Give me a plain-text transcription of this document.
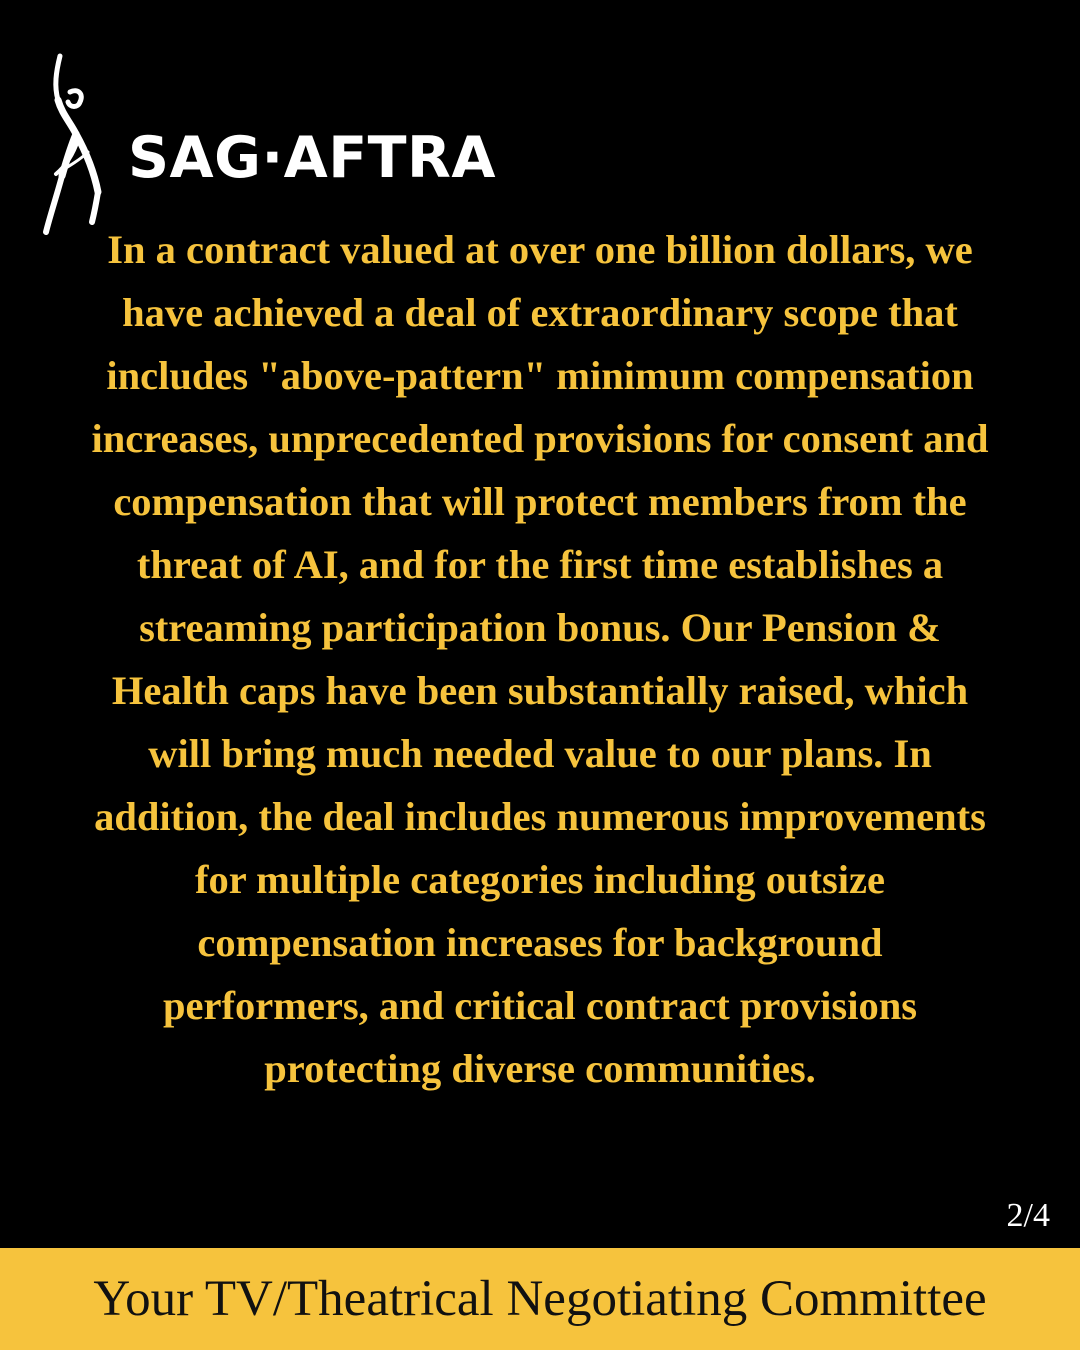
SAG·AFTRA

In a contract valued at over one billion dollars, we have achieved a deal of extraordinary scope that includes "above-pattern" minimum compensation increases, unprecedented provisions for consent and compensation that will protect members from the threat of AI, and for the first time establishes a streaming participation bonus. Our Pension & Health caps have been substantially raised, which will bring much needed value to our plans. In addition, the deal includes numerous improvements for multiple categories including outsize compensation increases for background performers, and critical contract provisions protecting diverse communities.

2/4
Your TV/Theatrical Negotiating Committee
